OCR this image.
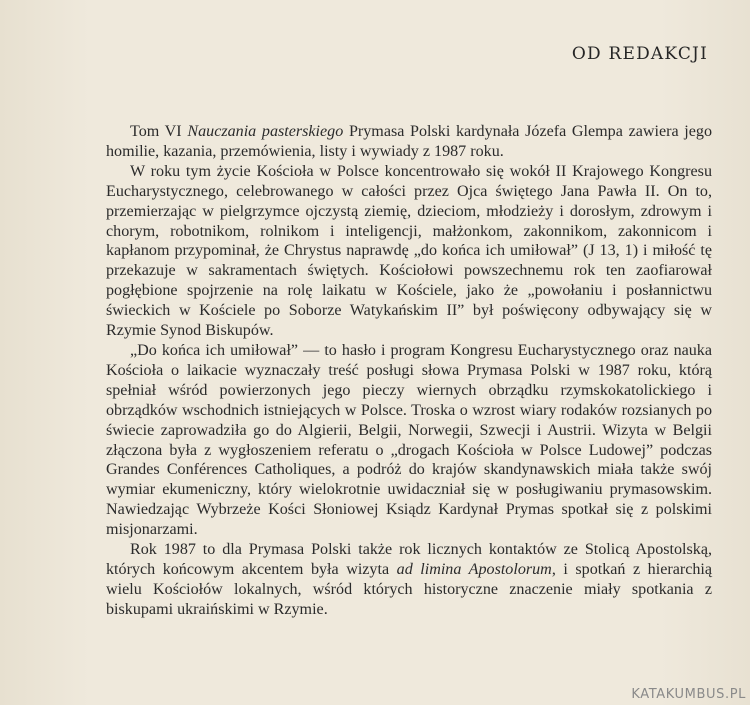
OD REDAKCJI

Tom VI Nauczania pasterskiego Prymasa Polski kardynała Józefa Glempa zawiera jego homilie, kazania, przemówienia, listy i wywiady z 1987 roku.

W roku tym życie Kościoła w Polsce koncentrowało się wokół II Krajowego Kongresu Eucharystycznego, celebrowanego w całości przez Ojca świętego Jana Pawła II. On to, przemierzając w pielgrzymce ojczystą ziemię, dzieciom, młodzieży i dorosłym, zdrowym i chorym, robotnikom, rolnikom i inteligencji, małżonkom, zakonnikom, zakonnicom i kapłanom przypominał, że Chrystus naprawdę „do końca ich umiłował” (J 13, 1) i miłość tę przekazuje w sakramentach świętych. Kościołowi powszechnemu rok ten zaofiarował pogłębione spojrzenie na rolę laikatu w Kościele, jako że „powołaniu i posłannictwu świeckich w Kościele po Soborze Watykańskim II” był poświęcony odbywający się w Rzymie Synod Biskupów.

„Do końca ich umiłował” — to hasło i program Kongresu Eucharystycznego oraz nauka Kościoła o laikacie wyznaczały treść posługi słowa Prymasa Polski w 1987 roku, którą spełniał wśród powierzonych jego pieczy wiernych obrządku rzymskokatolickiego i obrządków wschodnich istniejących w Polsce. Troska o wzrost wiary rodaków rozsianych po świecie zaprowadziła go do Algierii, Belgii, Norwegii, Szwecji i Austrii. Wizyta w Belgii złączona była z wygłoszeniem referatu o „drogach Kościoła w Polsce Ludowej” podczas Grandes Conférences Catholiques, a podróż do krajów skandynawskich miała także swój wymiar ekumeniczny, który wielokrotnie uwidaczniał się w posługiwaniu prymasowskim. Nawiedzając Wybrzeże Kości Słoniowej Ksiądz Kardynał Prymas spotkał się z polskimi misjonarzami.

Rok 1987 to dla Prymasa Polski także rok licznych kontaktów ze Stolicą Apostolską, których końcowym akcentem była wizyta ad limina Apostolorum, i spotkań z hierarchią wielu Kościołów lokalnych, wśród których historyczne znaczenie miały spotkania z biskupami ukraińskimi w Rzymie.

KATAKUMBUS.PL
